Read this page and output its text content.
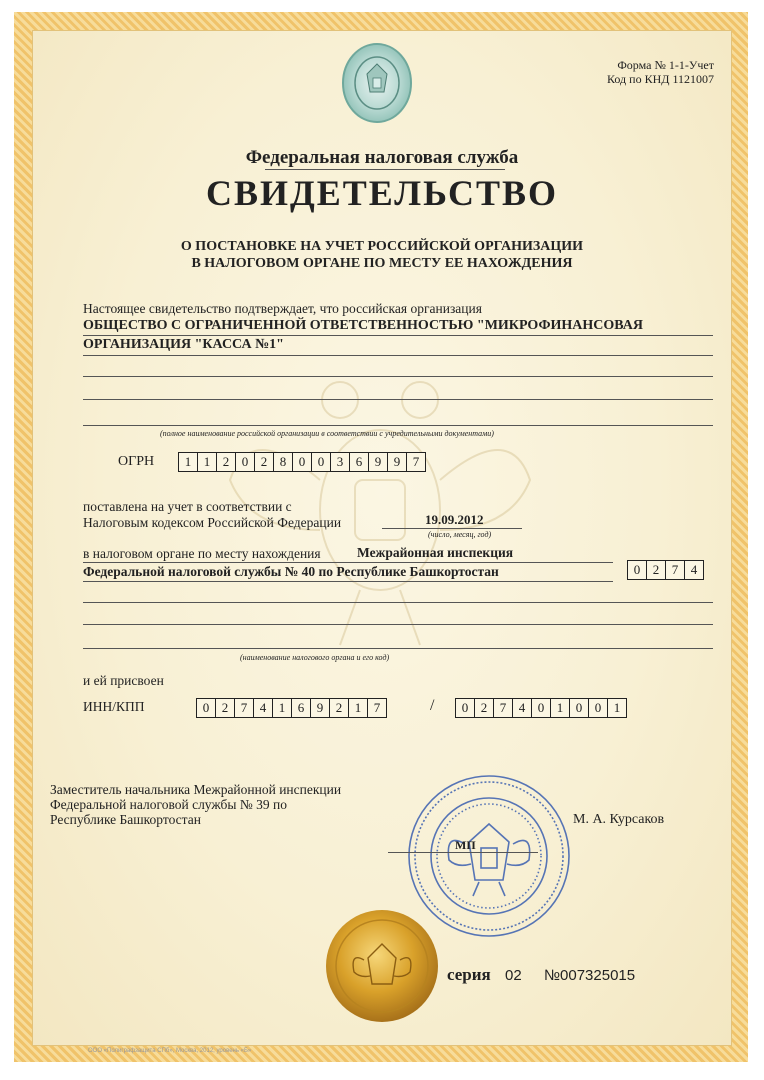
Форма № 1-1-Учет
Код по КНД 1121007
Федеральная налоговая служба
СВИДЕТЕЛЬСТВО
О ПОСТАНОВКЕ НА УЧЕТ РОССИЙСКОЙ ОРГАНИЗАЦИИ
В НАЛОГОВОМ ОРГАНЕ ПО МЕСТУ ЕЕ НАХОЖДЕНИЯ
Настоящее свидетельство подтверждает, что российская организация
ОБЩЕСТВО С ОГРАНИЧЕННОЙ ОТВЕТСТВЕННОСТЬЮ "МИКРОФИНАНСОВАЯ
ОРГАНИЗАЦИЯ "КАССА №1"
(полное наименование российской организации в соответствии с учредительными документами)
ОГРН	1 1 2 0 2 8 0 0 3 6 9 9 7
поставлена на учет в соответствии с
Налоговым кодексом Российской Федерации	19.09.2012
(число, месяц, год)
в налоговом органе по месту нахождения	Межрайонная инспекция
Федеральной налоговой службы № 40 по Республике Башкортостан	0 2 7 4
(наименование налогового органа и его код)
и ей присвоен
ИНН/КПП	0 2 7 4 1 6 9 2 1 7	/	0 2 7 4 0 1 0 0 1
Заместитель начальника Межрайонной инспекции
Федеральной налоговой службы № 39 по
Республике Башкортостан
МП
М. А. Курсаков
серия 02 №007325015
ООО «Полиграфзащита СПб», Москва, 2012, уровень «Б»
